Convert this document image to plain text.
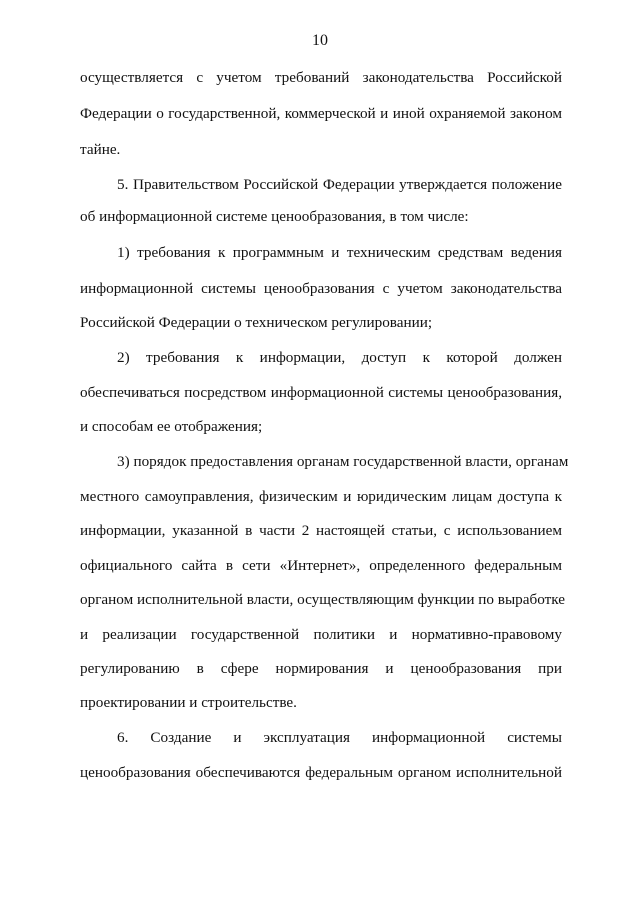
10
осуществляется с учетом требований законодательства Российской
Федерации о государственной, коммерческой и иной охраняемой законом
тайне.
5. Правительством Российской Федерации утверждается положение
об информационной системе ценообразования, в том числе:
1) требования к программным и техническим средствам ведения
информационной системы ценообразования с учетом законодательства
Российской Федерации о техническом регулировании;
2) требования к информации, доступ к которой должен
обеспечиваться посредством информационной системы ценообразования,
и способам ее отображения;
3) порядок предоставления органам государственной власти, органам
местного самоуправления, физическим и юридическим лицам доступа к
информации, указанной в части 2 настоящей статьи, с использованием
официального сайта в сети «Интернет», определенного федеральным
органом исполнительной власти, осуществляющим функции по выработке
и реализации государственной политики и нормативно-правовому
регулированию в сфере нормирования и ценообразования при
проектировании и строительстве.
6. Создание и эксплуатация информационной системы
ценообразования обеспечиваются федеральным органом исполнительной
